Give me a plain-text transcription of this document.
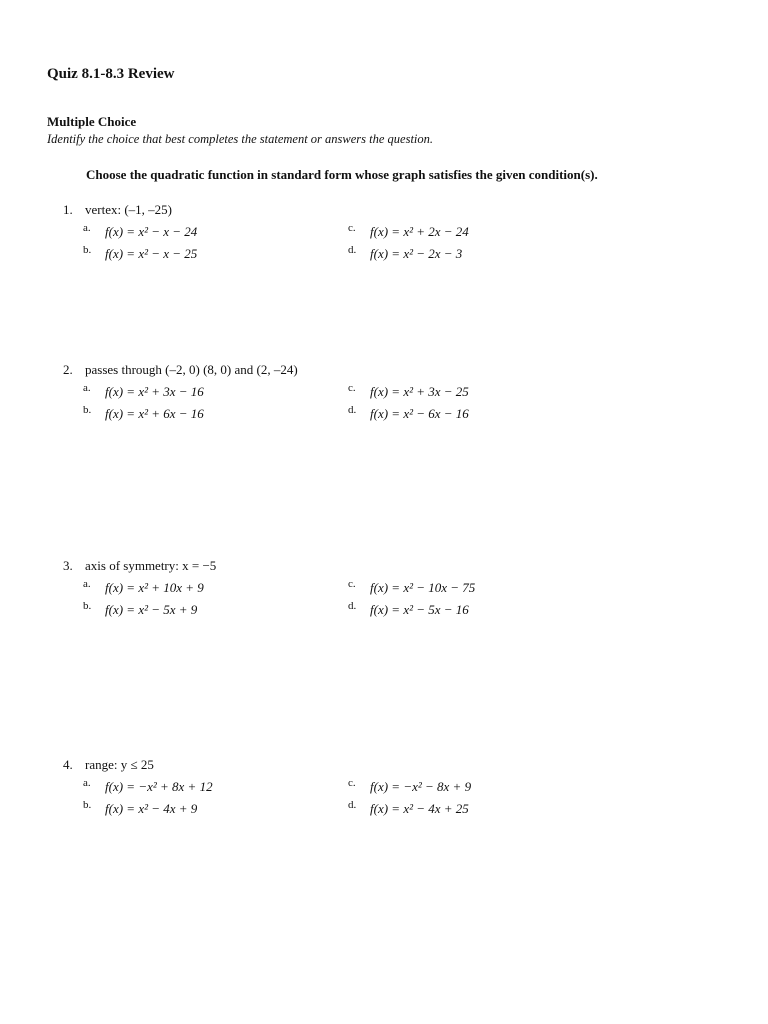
Quiz 8.1-8.3 Review
Multiple Choice
Identify the choice that best completes the statement or answers the question.
Choose the quadratic function in standard form whose graph satisfies the given condition(s).
1. vertex: (–1, –25)
a. f(x) = x² − x − 24
b. f(x) = x² − x − 25
c. f(x) = x² + 2x − 24
d. f(x) = x² − 2x − 3
2. passes through (–2, 0) (8, 0) and (2, –24)
a. f(x) = x² + 3x − 16
b. f(x) = x² + 6x − 16
c. f(x) = x² + 3x − 25
d. f(x) = x² − 6x − 16
3. axis of symmetry: x = −5
a. f(x) = x² + 10x + 9
b. f(x) = x² − 5x + 9
c. f(x) = x² − 10x − 75
d. f(x) = x² − 5x − 16
4. range: y ≤ 25
a. f(x) = −x² + 8x + 12
b. f(x) = x² − 4x + 9
c. f(x) = −x² − 8x + 9
d. f(x) = x² − 4x + 25
